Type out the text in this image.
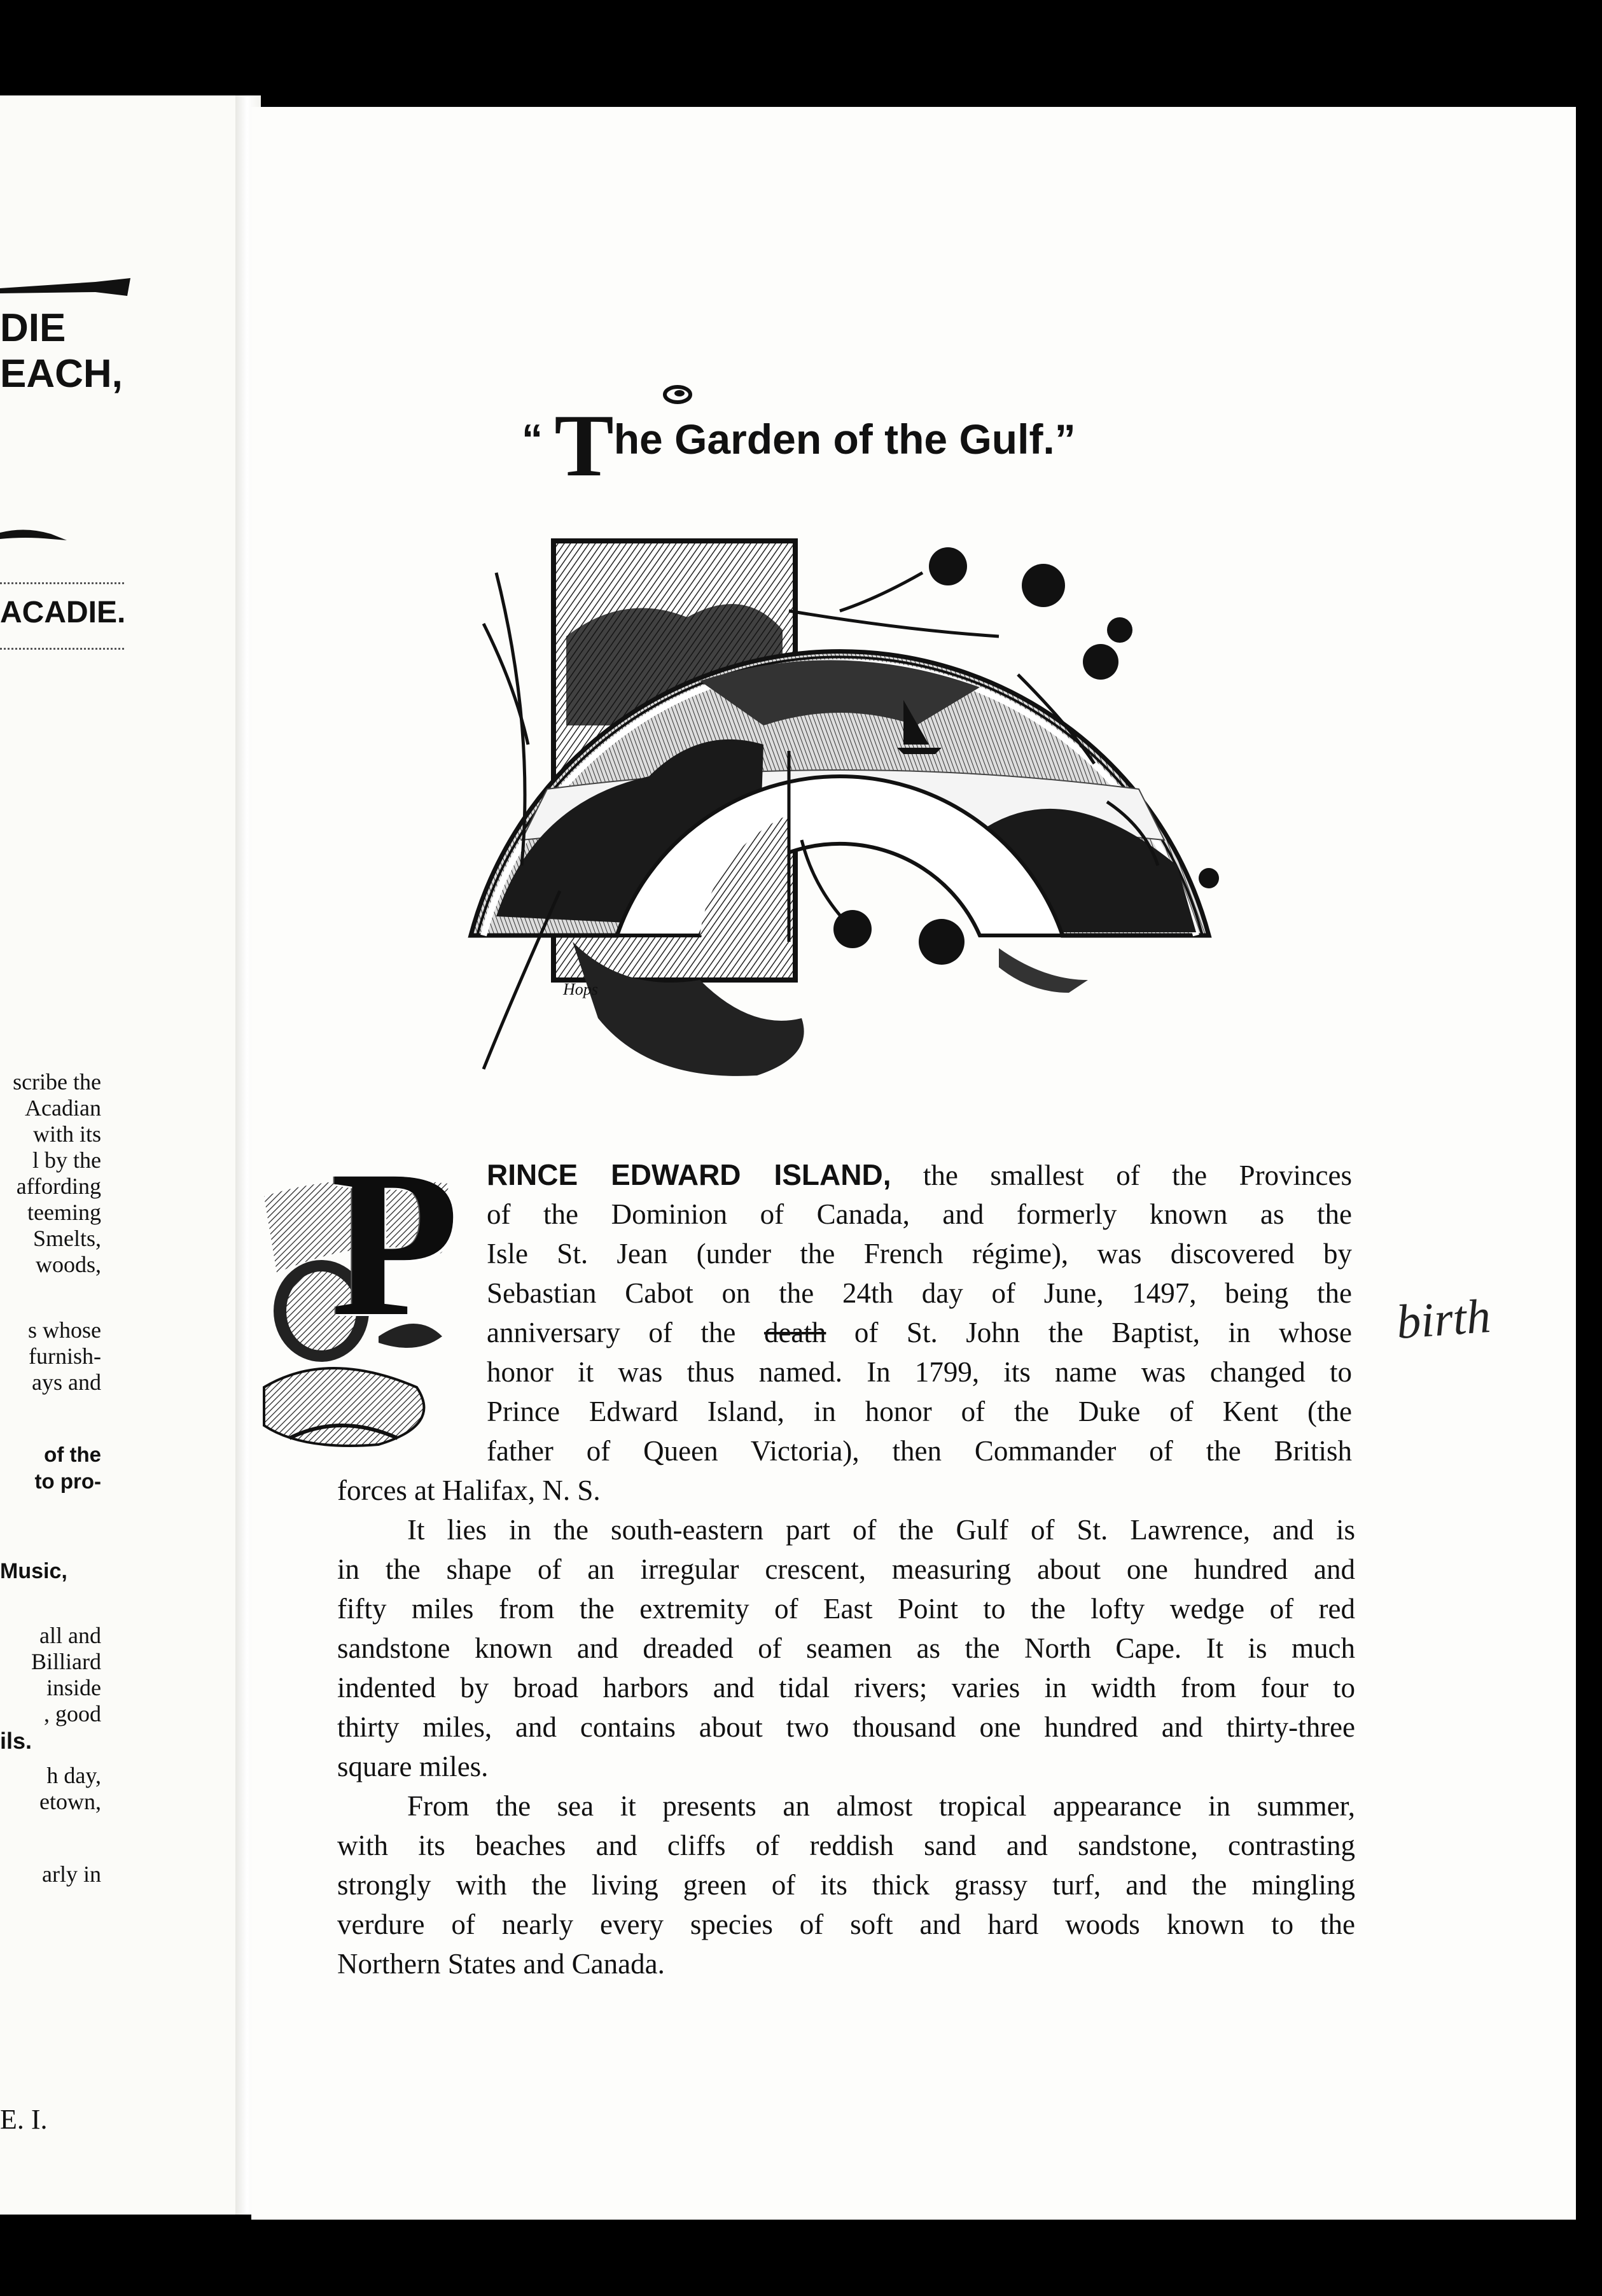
DIE
EACH,
ACADIE.
scribe the
Acadian
with its
l by the
affording
teeming
Smelts,
woods,
s whose
furnish-
ays and
of the
to pro-
Music,
all and
Billiard
inside
, good
ils.
h day,
etown,
arly in
E. I.
“ The Garden of the Gulf.”
Hops
P RINCE EDWARD ISLAND, the smallest of the Provinces
of the Dominion of Canada, and formerly known as the
Isle St. Jean (under the French régime), was discovered by
Sebastian Cabot on the 24th day of June, 1497, being the
anniversary of the death of St. John the Baptist, in whose
honor it was thus named. In 1799, its name was changed to
Prince Edward Island, in honor of the Duke of Kent (the
father of Queen Victoria), then Commander of the British
forces at Halifax, N. S.
birth
It lies in the south-eastern part of the Gulf of St. Lawrence, and is
in the shape of an irregular crescent, measuring about one hundred and
fifty miles from the extremity of East Point to the lofty wedge of red
sandstone known and dreaded of seamen as the North Cape. It is much
indented by broad harbors and tidal rivers; varies in width from four to
thirty miles, and contains about two thousand one hundred and thirty-three
square miles.
From the sea it presents an almost tropical appearance in summer,
with its beaches and cliffs of reddish sand and sandstone, contrasting
strongly with the living green of its thick grassy turf, and the mingling
verdure of nearly every species of soft and hard woods known to the
Northern States and Canada.
